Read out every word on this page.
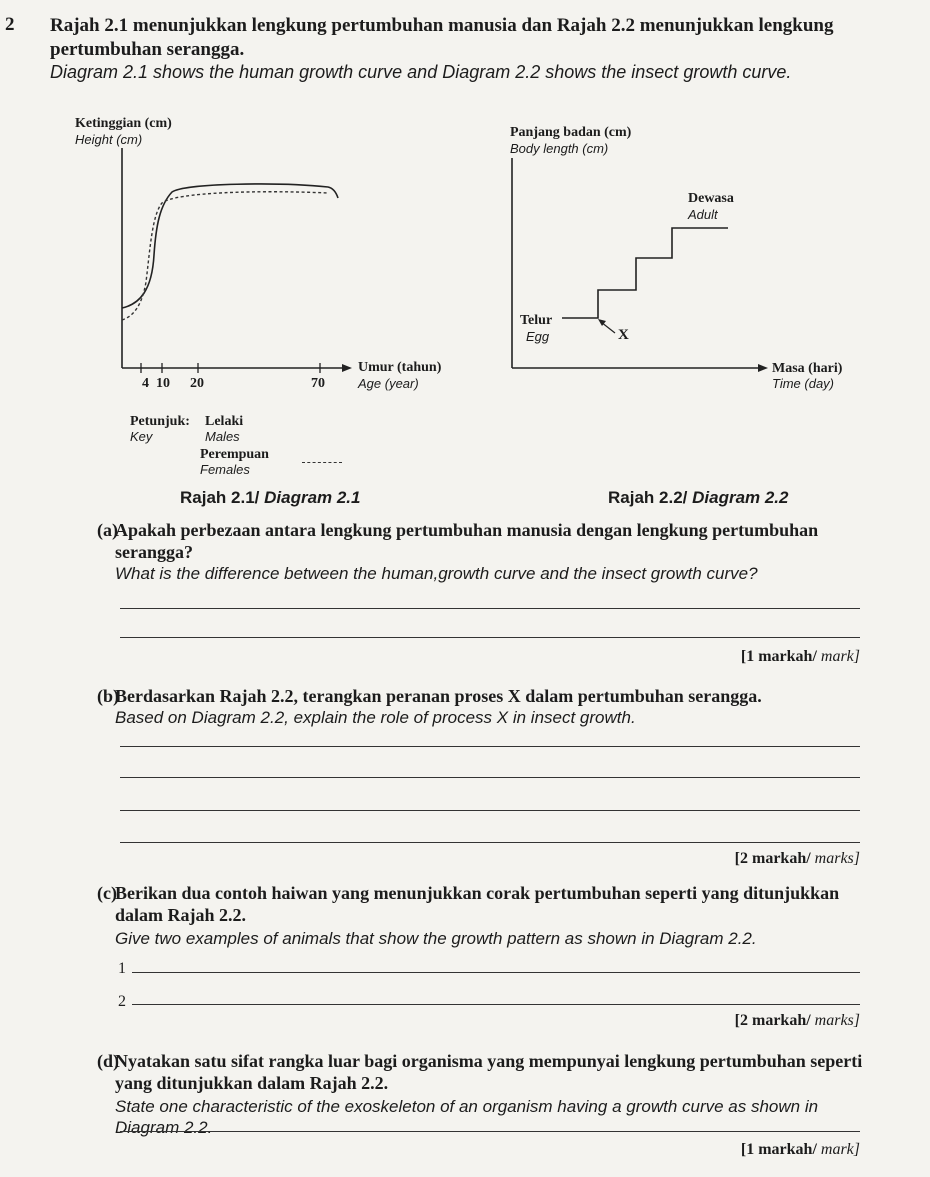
2 Rajah 2.1 menunjukkan lengkung pertumbuhan manusia dan Rajah 2.2 menunjukkan lengkung pertumbuhan serangga.
Diagram 2.1 shows the human growth curve and Diagram 2.2 shows the insect growth curve.
Ketinggian (cm)
Height (cm)
4 10 20	70
Umur (tahun)
Age (year)
Petunjuk: Lelaki
Key	Males
Perempuan
Females
Rajah 2.1/ Diagram 2.1
Panjang badan (cm)
Body length (cm)
Dewasa
Adult
Telur
Egg	X
Masa (hari)
Time (day)
Rajah 2.2/ Diagram 2.2
(a)
Apakah perbezaan antara lengkung pertumbuhan manusia dengan lengkung pertumbuhan serangga?
What is the difference between the human,growth curve and the insect growth curve?
[1 markah/ mark]
(b)
Berdasarkan Rajah 2.2, terangkan peranan proses X dalam pertumbuhan serangga.
Based on Diagram 2.2, explain the role of process X in insect growth.
[2 markah/ marks]
(c)
Berikan dua contoh haiwan yang menunjukkan corak pertumbuhan seperti yang ditunjukkan dalam Rajah 2.2.
Give two examples of animals that show the growth pattern as shown in Diagram 2.2.
1
2
[2 markah/ marks]
(d)
Nyatakan satu sifat rangka luar bagi organisma yang mempunyai lengkung pertumbuhan seperti yang ditunjukkan dalam Rajah 2.2.
State one characteristic of the exoskeleton of an organism having a growth curve as shown in Diagram 2.2.
[1 markah/ mark]
